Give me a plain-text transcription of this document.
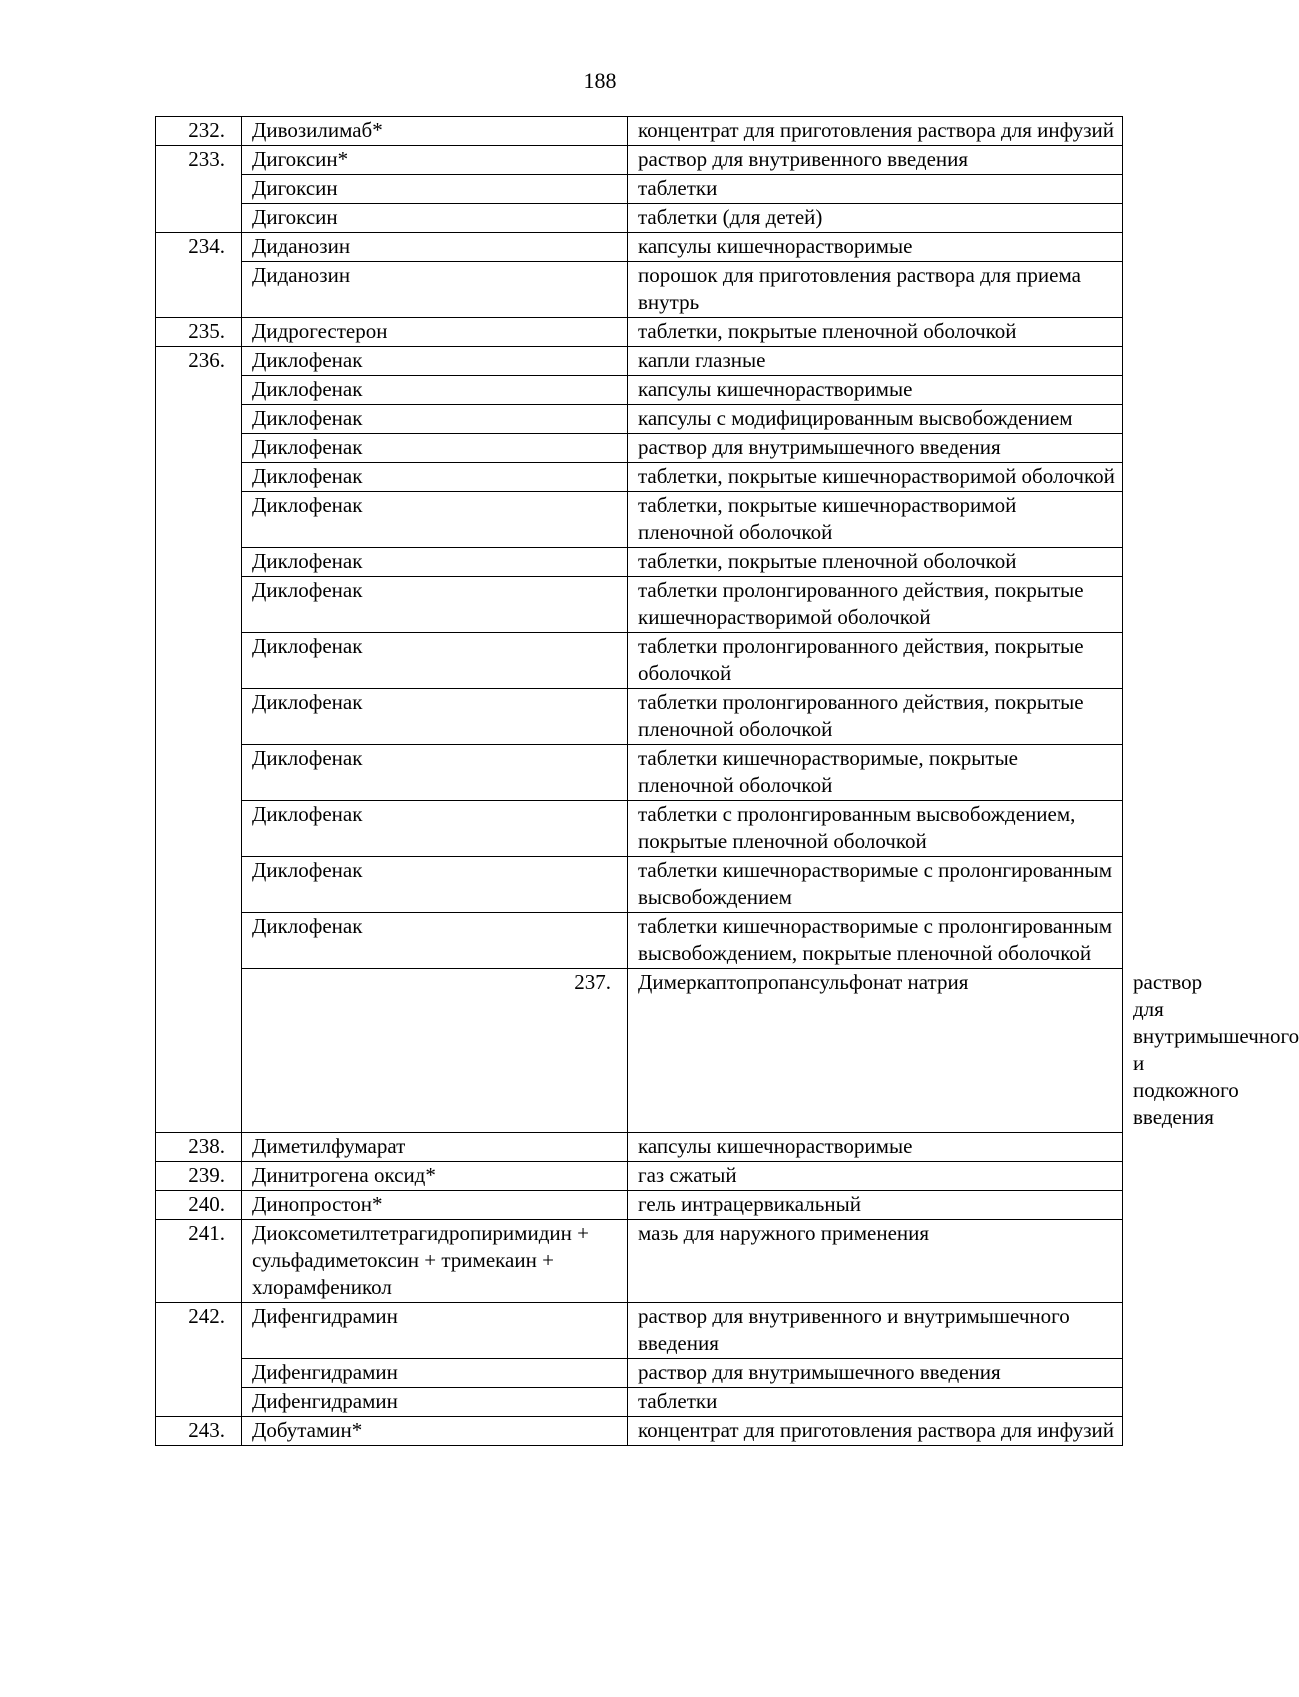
188
232.	Дивозилимаб*	концентрат для приготовления раствора для инфузий	
233.	Дигоксин*	раствор для внутривенного введения	
	Дигоксин	таблетки	
	Дигоксин	таблетки (для детей)	
234.	Диданозин	капсулы кишечнорастворимые	
	Диданозин	порошок для приготовления раствора для приема внутрь	
235.	Дидрогестерон	таблетки, покрытые пленочной оболочкой	
236.	Диклофенак	капли глазные	
	Диклофенак	капсулы кишечнорастворимые	
	Диклофенак	капсулы с модифицированным высвобождением	
	Диклофенак	раствор для внутримышечного введения	
	Диклофенак	таблетки, покрытые кишечнорастворимой оболочкой	
	Диклофенак	таблетки, покрытые кишечнорастворимой пленочной оболочкой	
	Диклофенак	таблетки, покрытые пленочной оболочкой	
	Диклофенак	таблетки пролонгированного действия, покрытые кишечнорастворимой оболочкой	
	Диклофенак	таблетки пролонгированного действия, покрытые оболочкой	
	Диклофенак	таблетки пролонгированного действия, покрытые пленочной оболочкой	
	Диклофенак	таблетки кишечнорастворимые, покрытые пленочной оболочкой	
	Диклофенак	таблетки с пролонгированным высвобождением, покрытые пленочной оболочкой	
	Диклофенак	таблетки кишечнорастворимые с пролонгированным высвобождением	
	Диклофенак	таблетки кишечнорастворимые с пролонгированным высвобождением, покрытые пленочной оболочкой	
	237.	Димеркаптопропансульфонат натрия	раствор для внутримышечного и подкожного введения
238.	Диметилфумарат	капсулы кишечнорастворимые	
239.	Динитрогена оксид*	газ сжатый	
240.	Динопростон*	гель интрацервикальный	
241.	Диоксометилтетрагидропиримидин + сульфадиметоксин + тримекаин + хлорамфеникол	мазь для наружного применения	
242.	Дифенгидрамин	раствор для внутривенного и внутримышечного введения	
	Дифенгидрамин	раствор для внутримышечного введения	
	Дифенгидрамин	таблетки	
243.	Добутамин*	концентрат для приготовления раствора для инфузий	
